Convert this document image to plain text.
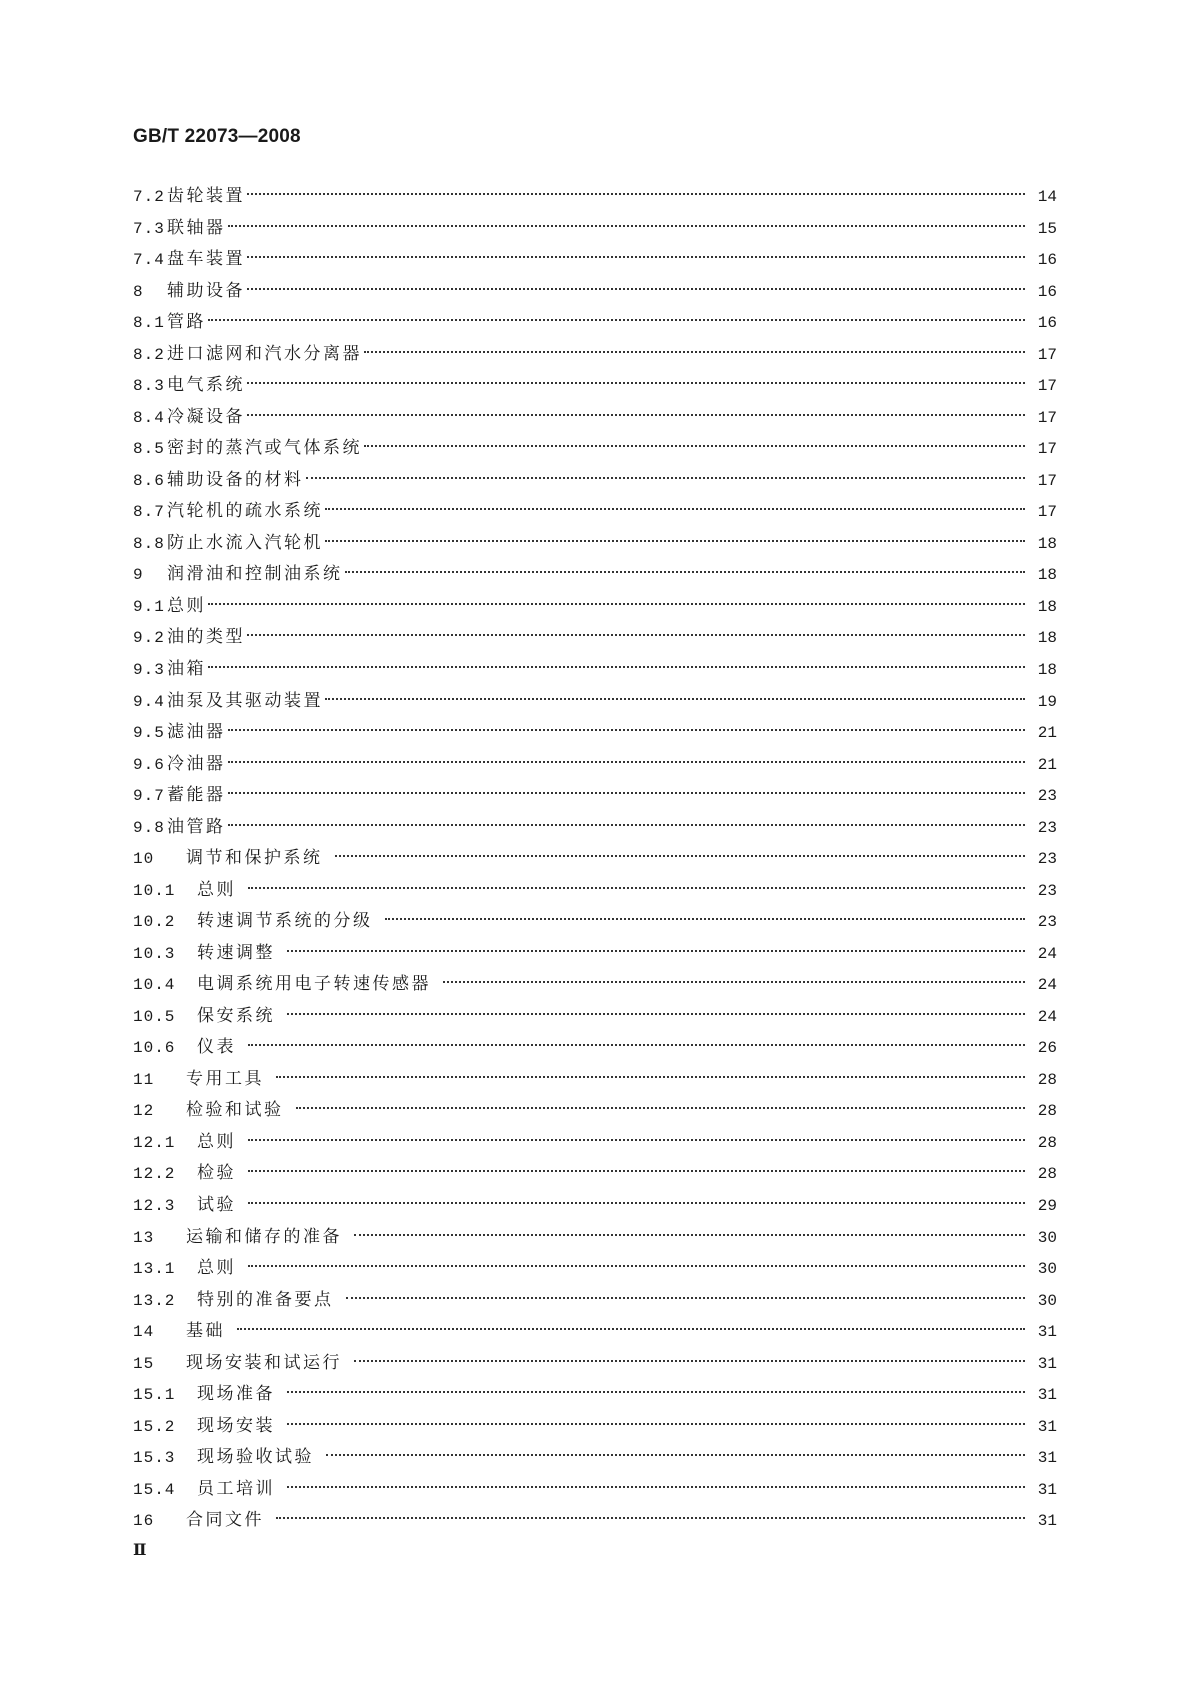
GB/T 22073—2008
7.2 齿轮装置	14
7.3 联轴器	15
7.4 盘车装置	16
8	辅助设备	16
8.1 管路	16
8.2 进口滤网和汽水分离器	17
8.3 电气系统	17
8.4 冷凝设备	17
8.5 密封的蒸汽或气体系统	17
8.6 辅助设备的材料	17
8.7 汽轮机的疏水系统	17
8.8 防止水流入汽轮机	18
9	润滑油和控制油系统	18
9.1 总则	18
9.2 油的类型	18
9.3 油箱	18
9.4 油泵及其驱动装置	19
9.5 滤油器	21
9.6 冷油器	21
9.7 蓄能器	23
9.8 油管路	23
10	调节和保护系统	23
10.1	总则	23
10.2	转速调节系统的分级	23
10.3	转速调整	24
10.4	电调系统用电子转速传感器	24
10.5	保安系统	24
10.6	仪表	26
11	专用工具	28
12	检验和试验	28
12.1	总则	28
12.2	检验	28
12.3	试验	29
13	运输和储存的准备	30
13.1	总则	30
13.2	特别的准备要点	30
14	基础	31
15	现场安装和试运行	31
15.1	现场准备	31
15.2	现场安装	31
15.3	现场验收试验	31
15.4	员工培训	31
16	合同文件	31
Ⅱ
